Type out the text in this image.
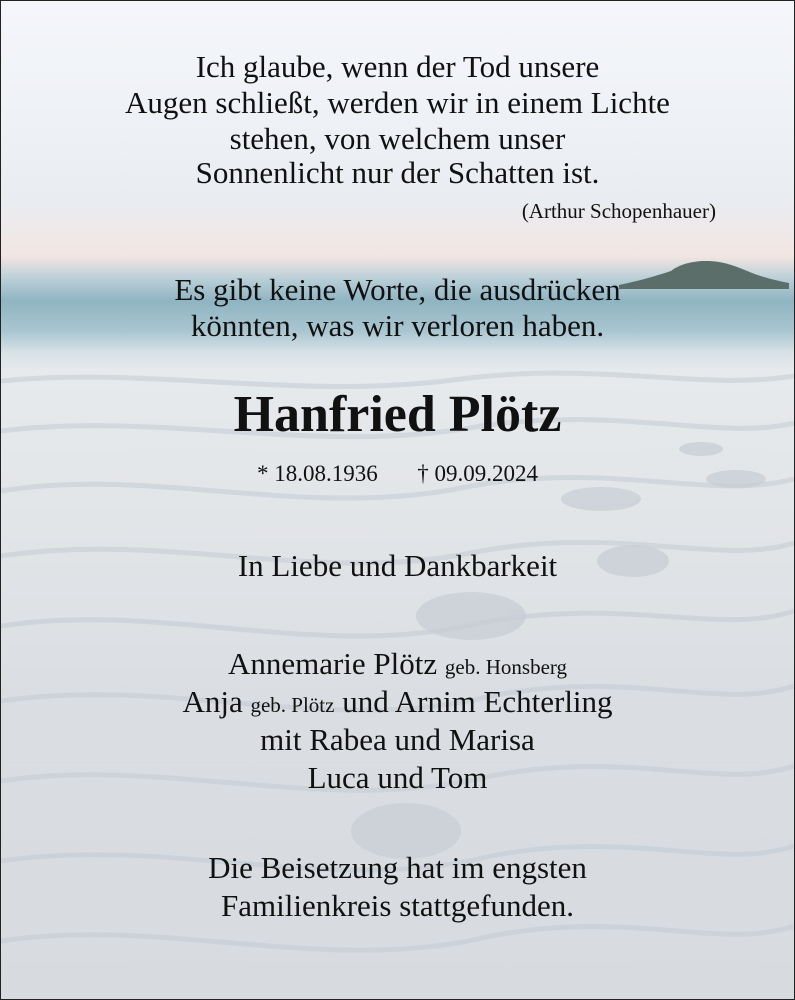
Ich glaube, wenn der Tod unsere
Augen schließt, werden wir in einem Lichte
stehen, von welchem unser
Sonnenlicht nur der Schatten ist.
(Arthur Schopenhauer)
Es gibt keine Worte, die ausdrücken
könnten, was wir verloren haben.
Hanfried Plötz
* 18.08.1936 † 09.09.2024
In Liebe und Dankbarkeit
Annemarie Plötz geb. Honsberg
Anja geb. Plötz und Arnim Echterling
mit Rabea und Marisa
Luca und Tom
Die Beisetzung hat im engsten
Familienkreis stattgefunden.
